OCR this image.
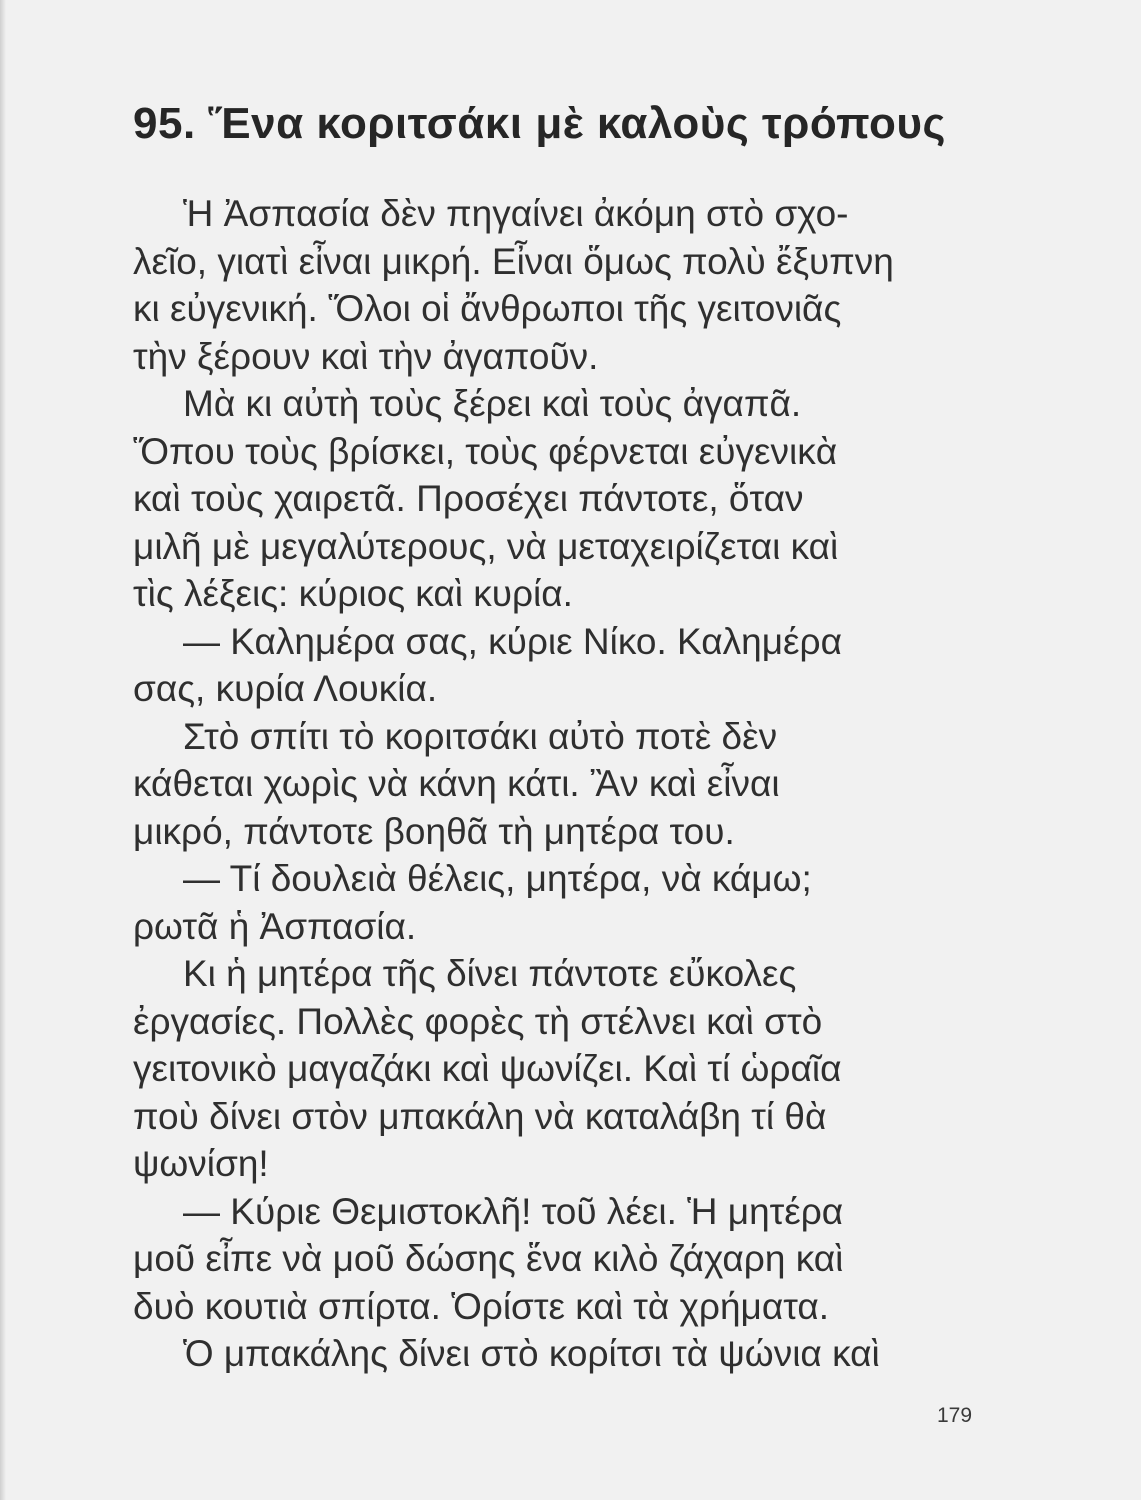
95. Ἕνα κοριτσάκι μὲ καλοὺς τρόπους
Ἡ Ἀσπασία δὲν πηγαίνει ἀκόμη στὸ σχο-
λεῖο, γιατὶ εἶναι μικρή. Εἶναι ὅμως πολὺ ἔξυπνη
κι εὐγενική. Ὅλοι οἱ ἄνθρωποι τῆς γειτονιᾶς
τὴν ξέρουν καὶ τὴν ἀγαποῦν.
Μὰ κι αὐτὴ τοὺς ξέρει καὶ τοὺς ἀγαπᾶ.
Ὅπου τοὺς βρίσκει, τοὺς φέρνεται εὐγενικὰ
καὶ τοὺς χαιρετᾶ. Προσέχει πάντοτε, ὅταν
μιλῆ μὲ μεγαλύτερους, νὰ μεταχειρίζεται καὶ
τὶς λέξεις: κύριος καὶ κυρία.
— Καλημέρα σας, κύριε Νίκο. Καλημέρα
σας, κυρία Λουκία.
Στὸ σπίτι τὸ κοριτσάκι αὐτὸ ποτὲ δὲν
κάθεται χωρὶς νὰ κάνη κάτι. Ἂν καὶ εἶναι
μικρό, πάντοτε βοηθᾶ τὴ μητέρα του.
— Τί δουλειὰ θέλεις, μητέρα, νὰ κάμω;
ρωτᾶ ἡ Ἀσπασία.
Κι ἡ μητέρα τῆς δίνει πάντοτε εὔκολες
ἐργασίες. Πολλὲς φορὲς τὴ στέλνει καὶ στὸ
γειτονικὸ μαγαζάκι καὶ ψωνίζει. Καὶ τί ὡραῖα
ποὺ δίνει στὸν μπακάλη νὰ καταλάβη τί θὰ
ψωνίση!
— Κύριε Θεμιστοκλῆ! τοῦ λέει. Ἡ μητέρα
μοῦ εἶπε νὰ μοῦ δώσης ἕνα κιλὸ ζάχαρη καὶ
δυὸ κουτιὰ σπίρτα. Ὁρίστε καὶ τὰ χρήματα.
Ὁ μπακάλης δίνει στὸ κορίτσι τὰ ψώνια καὶ
179
